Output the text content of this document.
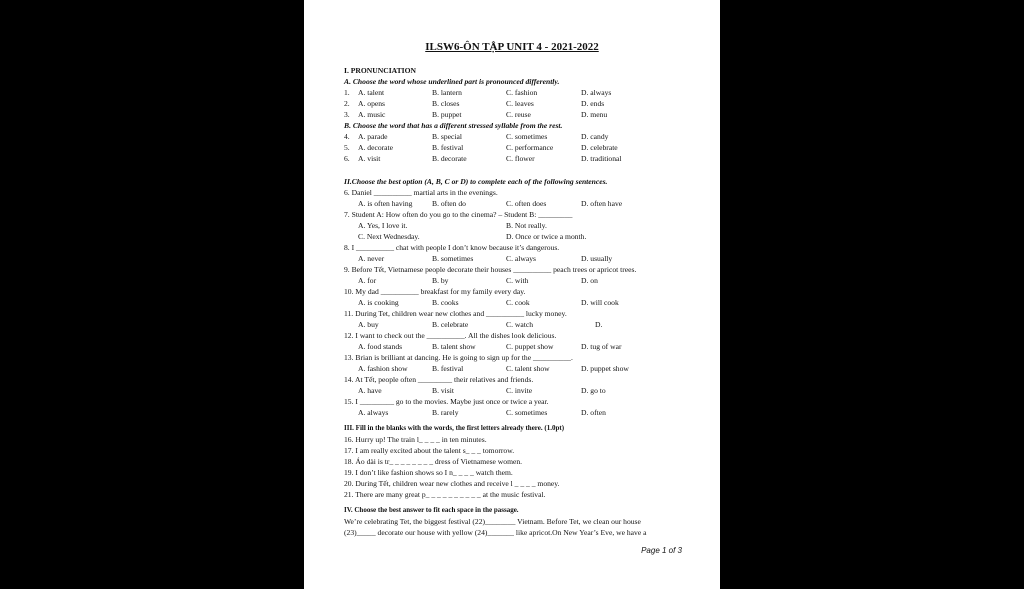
ILSW6-ÔN TẬP UNIT 4 - 2021-2022
I. PRONUNCIATION
A. Choose the word whose underlined part is pronounced differently.
1. A. talent	B. lantern	C. fashion	D. always
2. A. opens	B. closes	C. leaves	D. ends
3. A. music	B. puppet	C. reuse	D. menu
B. Choose the word that has a different stressed syllable from the rest.
4. A. parade	B. special	C. sometimes	D. candy
5. A. decorate	B. festival	C. performance	D. celebrate
6. A. visit	B. decorate	C. flower	D. traditional
II.Choose the best option (A, B, C or D) to complete each of the following sentences.
6. Daniel __________ martial arts in the evenings.
A. is often having	B. often do	C. often does	D. often have
7. Student A: How often do you go to the cinema? – Student B: _________
A. Yes, I love it.	B. Not really.
C. Next Wednesday.	D. Once or twice a month.
8. I __________ chat with people I don’t know because it’s dangerous.
A. never	B. sometimes	C. always	D. usually
9. Before Tết, Vietnamese people decorate their houses __________ peach trees or apricot trees.
A. for	B. by	C. with	D. on
10. My dad __________ breakfast for my family every day.
A. is cooking	B. cooks	C. cook	D. will cook
11. During Tet, children wear new clothes and __________ lucky money.
A. buy	B. celebrate	C. watch	D.
12. I want to check out the __________. All the dishes look delicious.
A. food stands	B. talent show	C. puppet show	D. tug of war
13. Brian is brilliant at dancing. He is going to sign up for the __________.
A. fashion show	B. festival	C. talent show	D. puppet show
14. At Tết, people often _________ their relatives and friends.
A. have	B. visit	C. invite	D. go to
15. I _________ go to the movies. Maybe just once or twice a year.
A. always	B. rarely	C. sometimes	D. often
III. Fill in the blanks with the words, the first letters already there. (1.0pt)
16. Hurry up! The train l_ _ _ _ in ten minutes.
17. I am really excited about the talent s_ _ _ tomorrow.
18. Áo dài is tr_ _ _ _ _ _ _ _ dress of Vietnamese women.
19. I don’t like fashion shows so I n_ _ _ _ watch them.
20. During Tết, children wear new clothes and receive l _ _ _ _ money.
21. There are many great p_ _ _ _ _ _ _ _ _ _ at the music festival.
IV. Choose the best answer to fit each space in the passage.
We’re celebrating Tet, the biggest festival (22)________ Vietnam. Before Tet, we clean our house
(23)_____ decorate our house with yellow (24)_______ like apricot.On New Year’s Eve, we have a
Page 1 of 3
